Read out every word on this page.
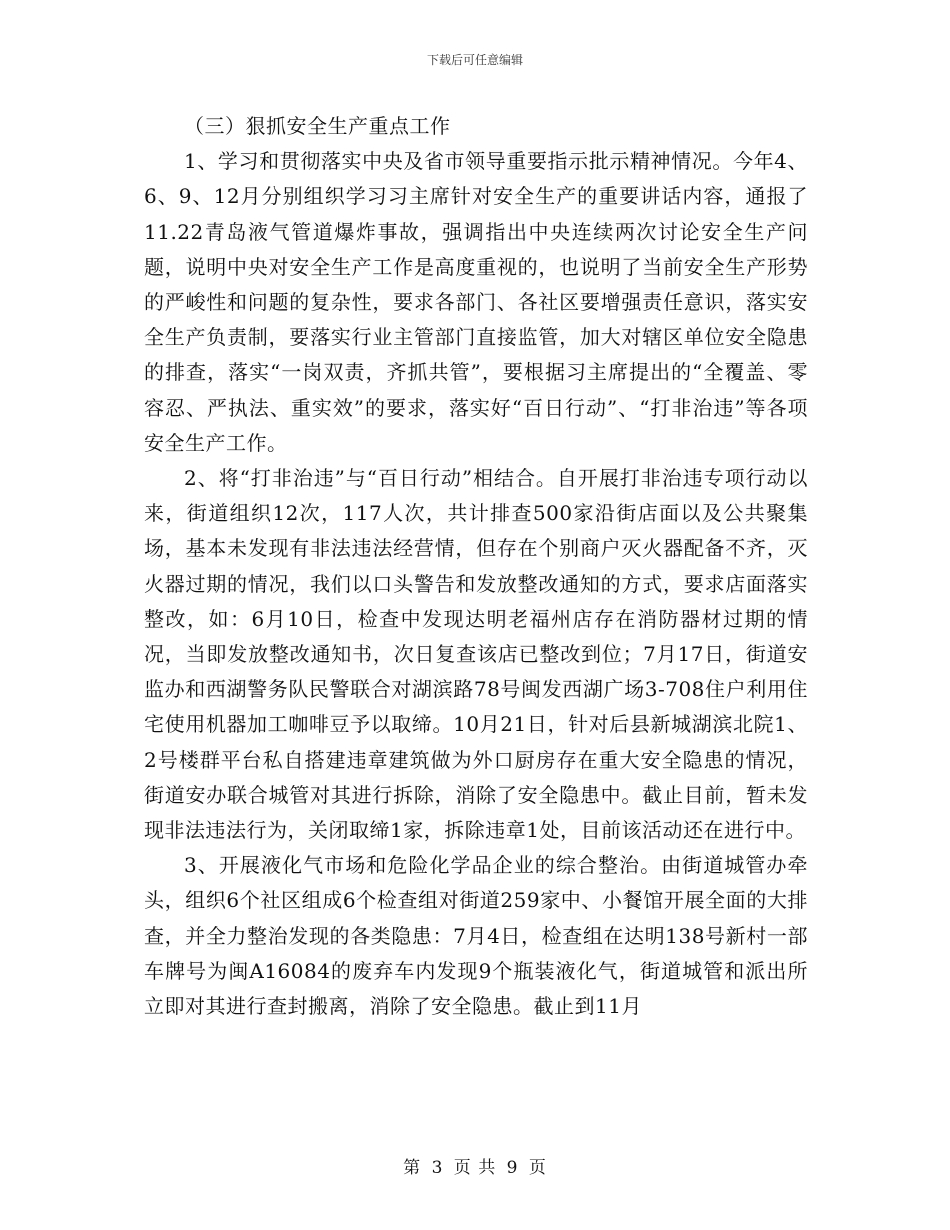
下载后可任意编辑

（三）狠抓安全生产重点工作

1、学习和贯彻落实中央及省市领导重要指示批示精神情况。今年4、6、9、12月分别组织学习习主席针对安全生产的重要讲话内容，通报了11.22青岛液气管道爆炸事故，强调指出中央连续两次讨论安全生产问题，说明中央对安全生产工作是高度重视的，也说明了当前安全生产形势的严峻性和问题的复杂性，要求各部门、各社区要增强责任意识，落实安全生产负责制，要落实行业主管部门直接监管，加大对辖区单位安全隐患的排查，落实“一岗双责，齐抓共管”，要根据习主席提出的“全覆盖、零容忍、严执法、重实效”的要求，落实好“百日行动”、“打非治违”等各项安全生产工作。

2、将“打非治违”与“百日行动”相结合。自开展打非治违专项行动以来，街道组织12次，117人次，共计排查500家沿街店面以及公共聚集场，基本未发现有非法违法经营情，但存在个别商户灭火器配备不齐，灭火器过期的情况，我们以口头警告和发放整改通知的方式，要求店面落实整改，如：6月10日，检查中发现达明老福州店存在消防器材过期的情况，当即发放整改通知书，次日复查该店已整改到位；7月17日，街道安监办和西湖警务队民警联合对湖滨路78号闽发西湖广场3-708住户利用住宅使用机器加工咖啡豆予以取缔。10月21日，针对后县新城湖滨北院1、2号楼群平台私自搭建违章建筑做为外口厨房存在重大安全隐患的情况，街道安办联合城管对其进行拆除，消除了安全隐患中。截止目前，暂未发现非法违法行为，关闭取缔1家，拆除违章1处，目前该活动还在进行中。

3、开展液化气市场和危险化学品企业的综合整治。由街道城管办牵头，组织6个社区组成6个检查组对街道259家中、小餐馆开展全面的大排查，并全力整治发现的各类隐患：7月4日，检查组在达明138号新村一部车牌号为闽A16084的废弃车内发现9个瓶装液化气，街道城管和派出所立即对其进行查封搬离，消除了安全隐患。截止到11月

第 3 页 共 9 页
